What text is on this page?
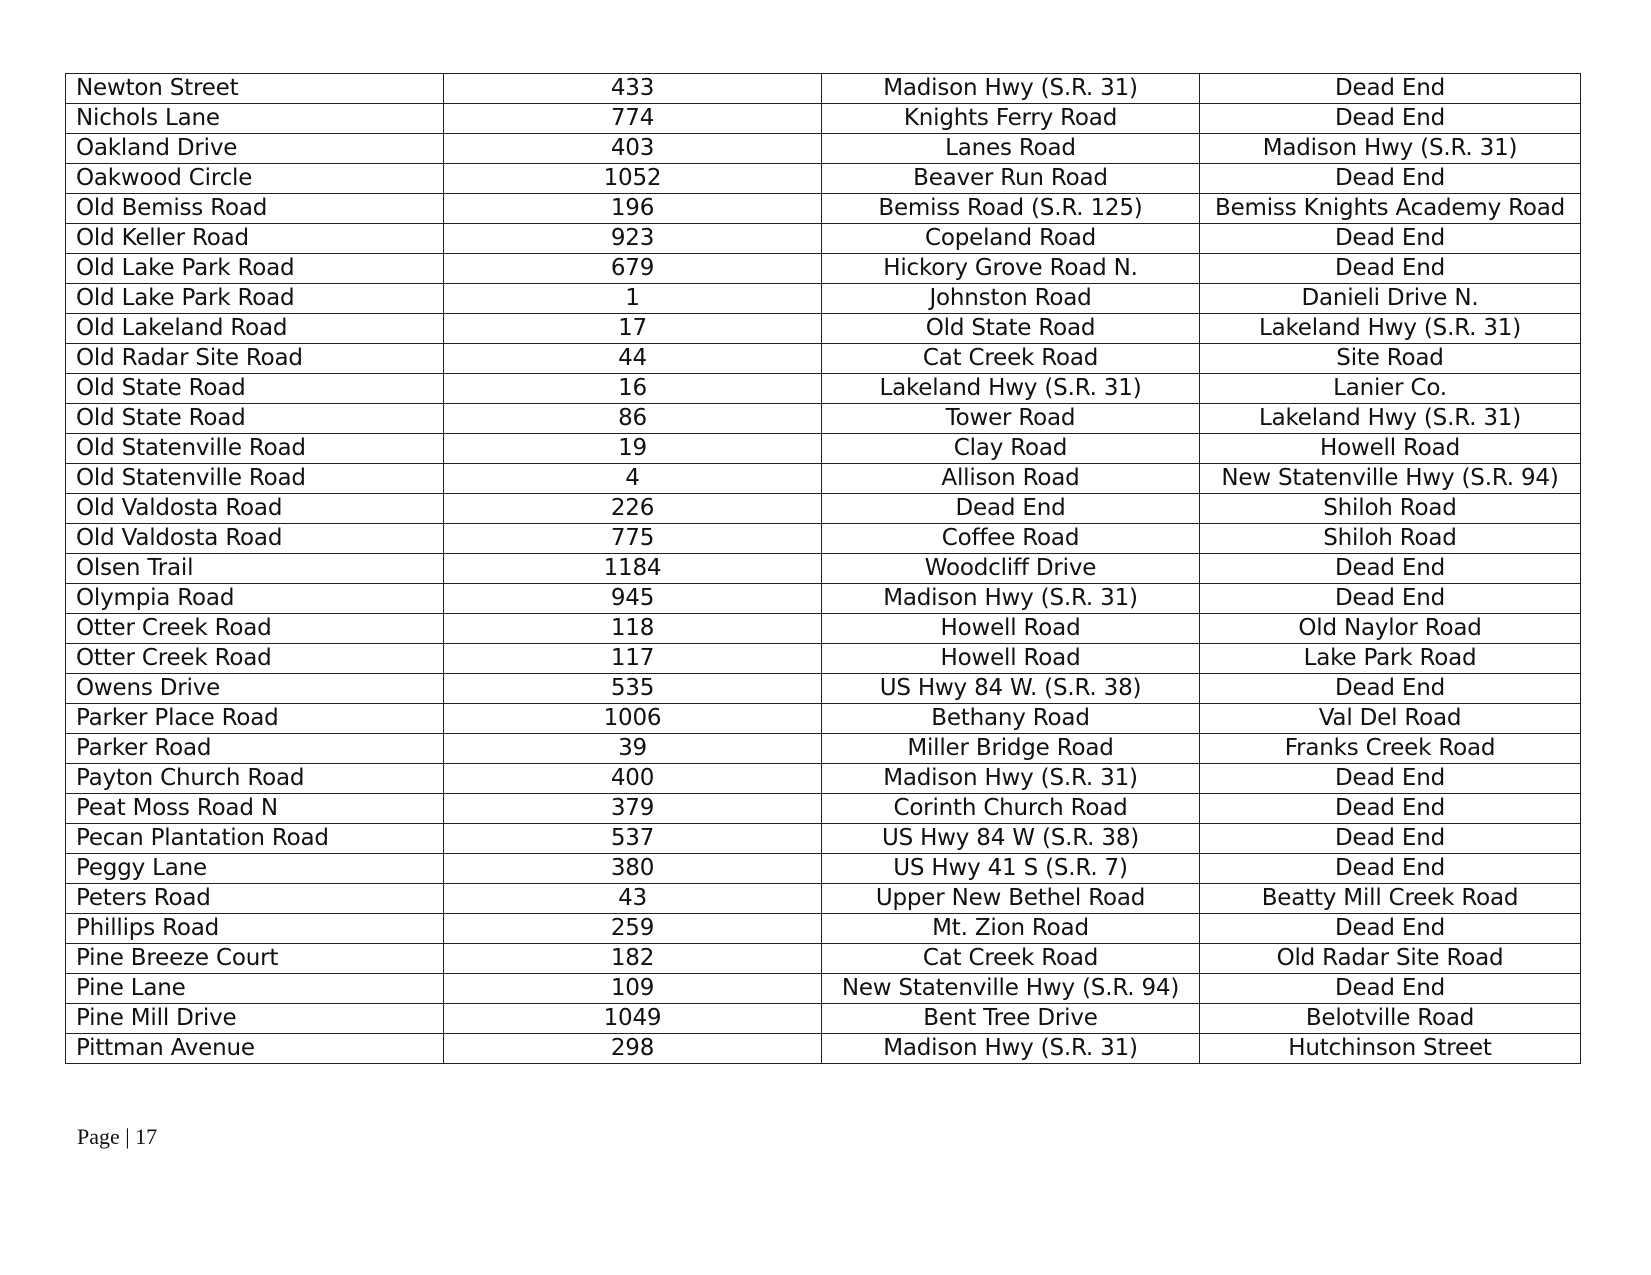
Newton Street	433	Madison Hwy (S.R. 31)	Dead End
Nichols Lane	774	Knights Ferry Road	Dead End
Oakland Drive	403	Lanes Road	Madison Hwy (S.R. 31)
Oakwood Circle	1052	Beaver Run Road	Dead End
Old Bemiss Road	196	Bemiss Road (S.R. 125)	Bemiss Knights Academy Road
Old Keller Road	923	Copeland Road	Dead End
Old Lake Park Road	679	Hickory Grove Road N.	Dead End
Old Lake Park Road	1	Johnston Road	Danieli Drive N.
Old Lakeland Road	17	Old State Road	Lakeland Hwy (S.R. 31)
Old Radar Site Road	44	Cat Creek Road	Site Road
Old State Road	16	Lakeland Hwy (S.R. 31)	Lanier Co.
Old State Road	86	Tower Road	Lakeland Hwy (S.R. 31)
Old Statenville Road	19	Clay Road	Howell Road
Old Statenville Road	4	Allison Road	New Statenville Hwy (S.R. 94)
Old Valdosta Road	226	Dead End	Shiloh Road
Old Valdosta Road	775	Coffee Road	Shiloh Road
Olsen Trail	1184	Woodcliff Drive	Dead End
Olympia Road	945	Madison Hwy (S.R. 31)	Dead End
Otter Creek Road	118	Howell Road	Old Naylor Road
Otter Creek Road	117	Howell Road	Lake Park Road
Owens Drive	535	US Hwy 84 W. (S.R. 38)	Dead End
Parker Place Road	1006	Bethany Road	Val Del Road
Parker Road	39	Miller Bridge Road	Franks Creek Road
Payton Church Road	400	Madison Hwy (S.R. 31)	Dead End
Peat Moss Road N	379	Corinth Church Road	Dead End
Pecan Plantation Road	537	US Hwy 84 W (S.R. 38)	Dead End
Peggy Lane	380	US Hwy 41 S (S.R. 7)	Dead End
Peters Road	43	Upper New Bethel Road	Beatty Mill Creek Road
Phillips Road	259	Mt. Zion Road	Dead End
Pine Breeze Court	182	Cat Creek Road	Old Radar Site Road
Pine Lane	109	New Statenville Hwy (S.R. 94)	Dead End
Pine Mill Drive	1049	Bent Tree Drive	Belotville Road
Pittman Avenue	298	Madison Hwy (S.R. 31)	Hutchinson Street
Page | 17
